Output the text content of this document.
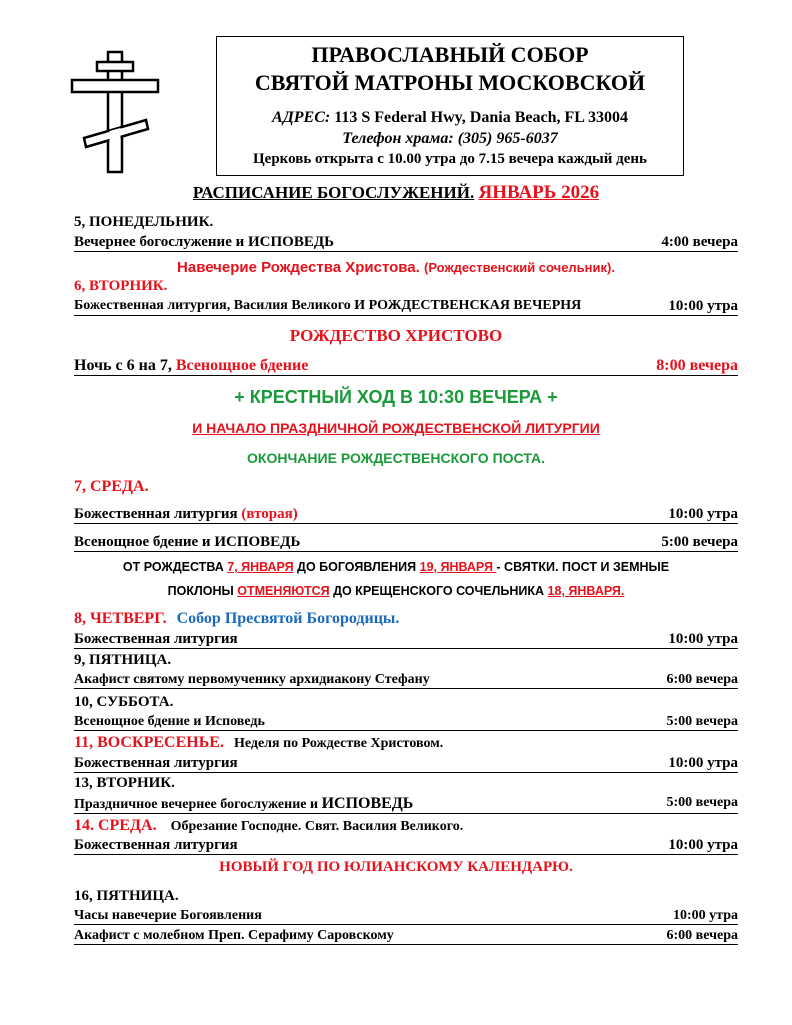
ПРАВОСЛАВНЫЙ СОБОР
СВЯТОЙ МАТРОНЫ МОСКОВСКОЙ
АДРЕС: 113 S Federal Hwy, Dania Beach, FL 33004
Телефон храма: (305) 965-6037
Церковь открыта с 10.00 утра до 7.15 вечера каждый день
РАСПИСАНИЕ БОГОСЛУЖЕНИЙ. ЯНВАРЬ 2026
5, ПОНЕДЕЛЬНИК.
Вечернее богослужение и ИСПОВЕДЬ	4:00 вечера
Навечерие Рождества Христова. (Рождественский сочельник).
6, ВТОРНИК.
Божественная литургия, Василия Великого И РОЖДЕСТВЕНСКАЯ ВЕЧЕРНЯ	10:00 утра
РОЖДЕСТВО ХРИСТОВО
Ночь с 6 на 7, Всенощное бдение	8:00 вечера
+ КРЕСТНЫЙ ХОД В 10:30 ВЕЧЕРА +
И НАЧАЛО ПРАЗДНИЧНОЙ РОЖДЕСТВЕНСКОЙ ЛИТУРГИИ
ОКОНЧАНИЕ РОЖДЕСТВЕНСКОГО ПОСТА.
7, СРЕДА.
Божественная литургия (вторая)	10:00 утра
Всенощное бдение и ИСПОВЕДЬ	5:00 вечера
ОТ РОЖДЕСТВА 7, ЯНВАРЯ ДО БОГОЯВЛЕНИЯ 19, ЯНВАРЯ - СВЯТКИ. ПОСТ И ЗЕМНЫЕ
ПОКЛОНЫ ОТМЕНЯЮТСЯ ДО КРЕЩЕНСКОГО СОЧЕЛЬНИКА 18, ЯНВАРЯ.
8, ЧЕТВЕРГ. Собор Пресвятой Богородицы.
Божественная литургия	10:00 утра
9, ПЯТНИЦА.
Акафист святому первомученику архидиакону Стефану	6:00 вечера
10, СУББОТА.
Всенощное бдение и Исповедь	5:00 вечера
11, ВОСКРЕСЕНЬЕ. Неделя по Рождестве Христовом.
Божественная литургия	10:00 утра
13, ВТОРНИК.
Праздничное вечернее богослужение и ИСПОВЕДЬ	5:00 вечера
14. СРЕДА. Обрезание Господне. Свят. Василия Великого.
Божественная литургия	10:00 утра
НОВЫЙ ГОД ПО ЮЛИАНСКОМУ КАЛЕНДАРЮ.
16, ПЯТНИЦА.
Часы навечерие Богоявления	10:00 утра
Акафист с молебном Преп. Серафиму Саровскому	6:00 вечера
